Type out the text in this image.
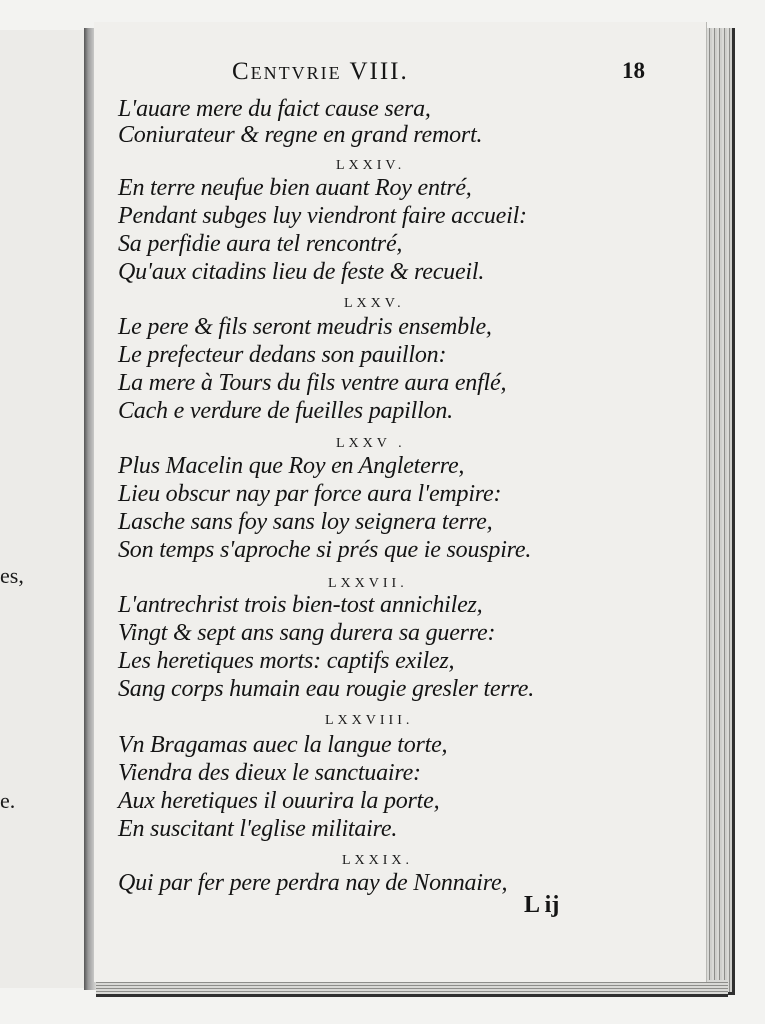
es,
e.
Centvrie VIII.	18
L'auare mere du faict cause sera,
Coniurateur & regne en grand remort.
LXXIV.
En terre neufue bien auant Roy entré,
Pendant subges luy viendront faire accueil:
Sa perfidie aura tel rencontré,
Qu'aux citadins lieu de feste & recueil.
LXXV.
Le pere & fils seront meudris ensemble,
Le prefecteur dedans son pauillon:
La mere à Tours du fils ventre aura enflé,
Cach e verdure de fueilles papillon.
LXXV .
Plus Macelin que Roy en Angleterre,
Lieu obscur nay par force aura l'empire:
Lasche sans foy sans loy seignera terre,
Son temps s'aproche si prés que ie souspire.
LXXVII.
L'antrechrist trois bien-tost annichilez,
Vingt & sept ans sang durera sa guerre:
Les heretiques morts: captifs exilez,
Sang corps humain eau rougie gresler terre.
LXXVIII.
Vn Bragamas auec la langue torte,
Viendra des dieux le sanctuaire:
Aux heretiques il ouurira la porte,
En suscitant l'eglise militaire.
LXXIX.
Qui par fer pere perdra nay de Nonnaire,
L ij
